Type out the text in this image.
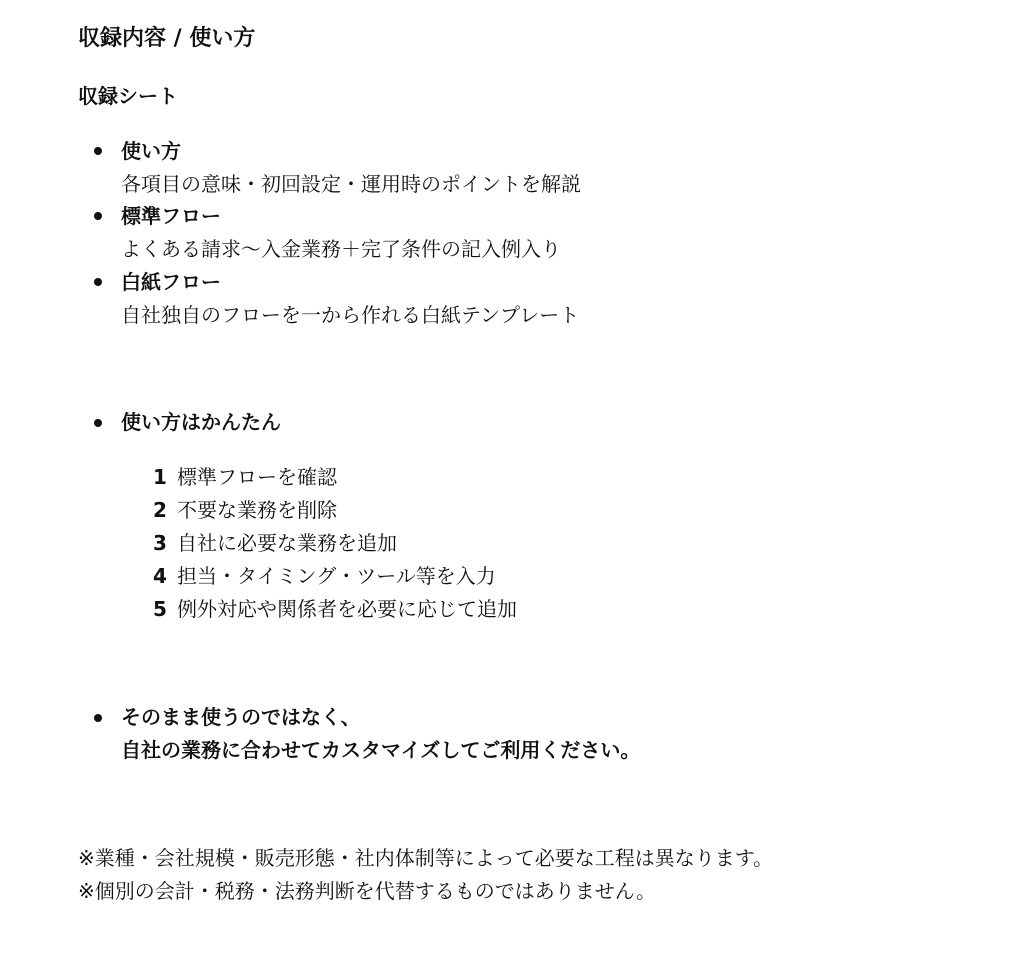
収録内容 / 使い方
収録シート
使い方
各項目の意味・初回設定・運用時のポイントを解説
標準フロー
よくある請求～入金業務＋完了条件の記入例入り
白紙フロー
自社独自のフローを一から作れる白紙テンプレート
使い方はかんたん
1 標準フローを確認
2 不要な業務を削除
3 自社に必要な業務を追加
4 担当・タイミング・ツール等を入力
5 例外対応や関係者を必要に応じて追加
そのまま使うのではなく、
自社の業務に合わせてカスタマイズしてご利用ください。
※業種・会社規模・販売形態・社内体制等によって必要な工程は異なります。
※個別の会計・税務・法務判断を代替するものではありません。
